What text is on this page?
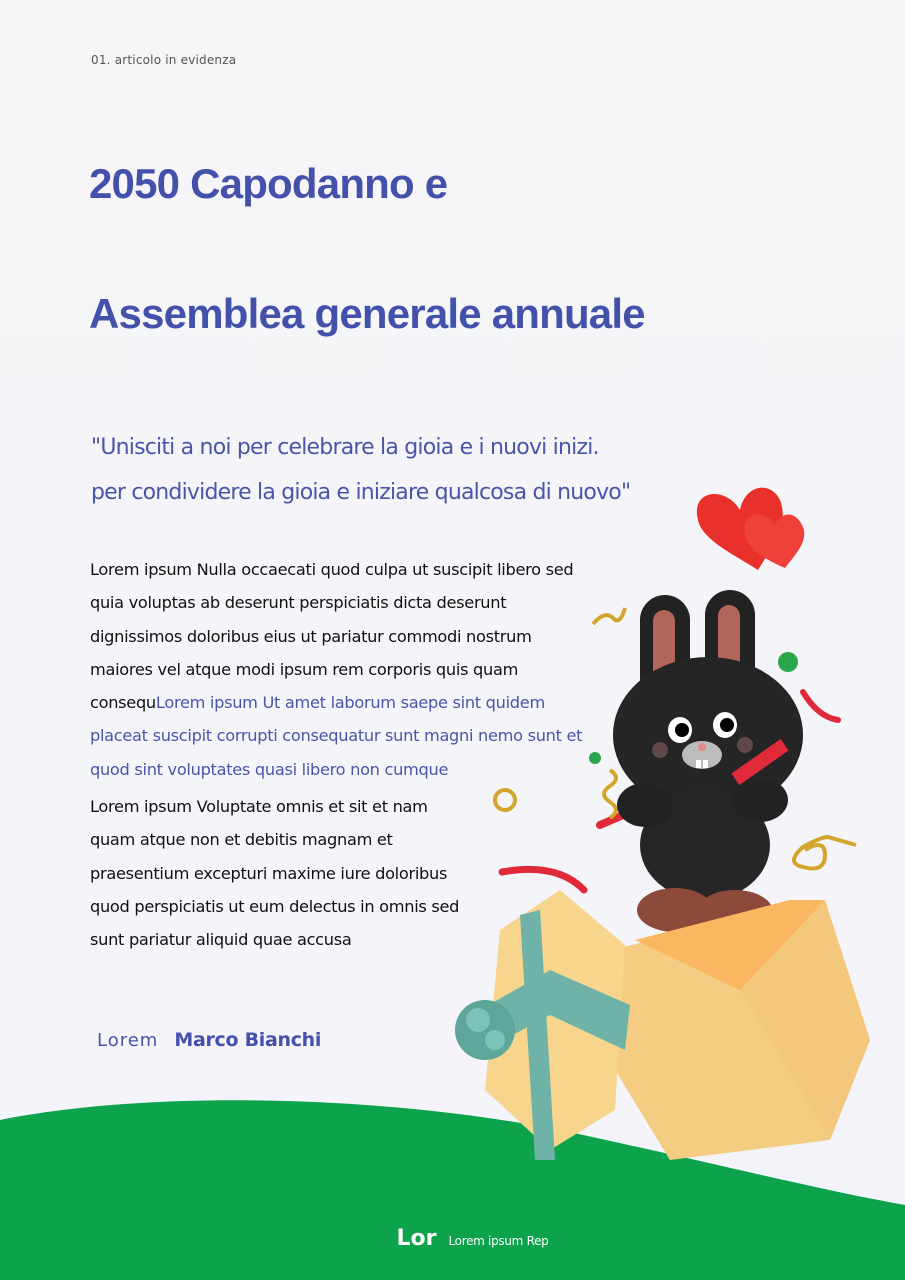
01. articolo in evidenza
2050 Capodanno e
Assemblea generale annuale
"Unisciti a noi per celebrare la gioia e i nuovi inizi.
per condividere la gioia e iniziare qualcosa di nuovo"
Lorem ipsum Nulla occaecati quod culpa ut suscipit libero sed quia voluptas ab deserunt perspiciatis dicta deserunt dignissimos doloribus eius ut pariatur commodi nostrum maiores vel atque modi ipsum rem corporis quis quam consequLorem ipsum Ut amet laborum saepe sint quidem placeat suscipit corrupti consequatur sunt magni nemo sunt et quod sint voluptates quasi libero non cumque
Lorem ipsum Voluptate omnis et sit et nam quam atque non et debitis magnam et praesentium excepturi maxime iure doloribus quod perspiciatis ut eum delectus in omnis sed sunt pariatur aliquid quae accusa
Lorem Marco Bianchi
Lor Lorem ipsum Rep
